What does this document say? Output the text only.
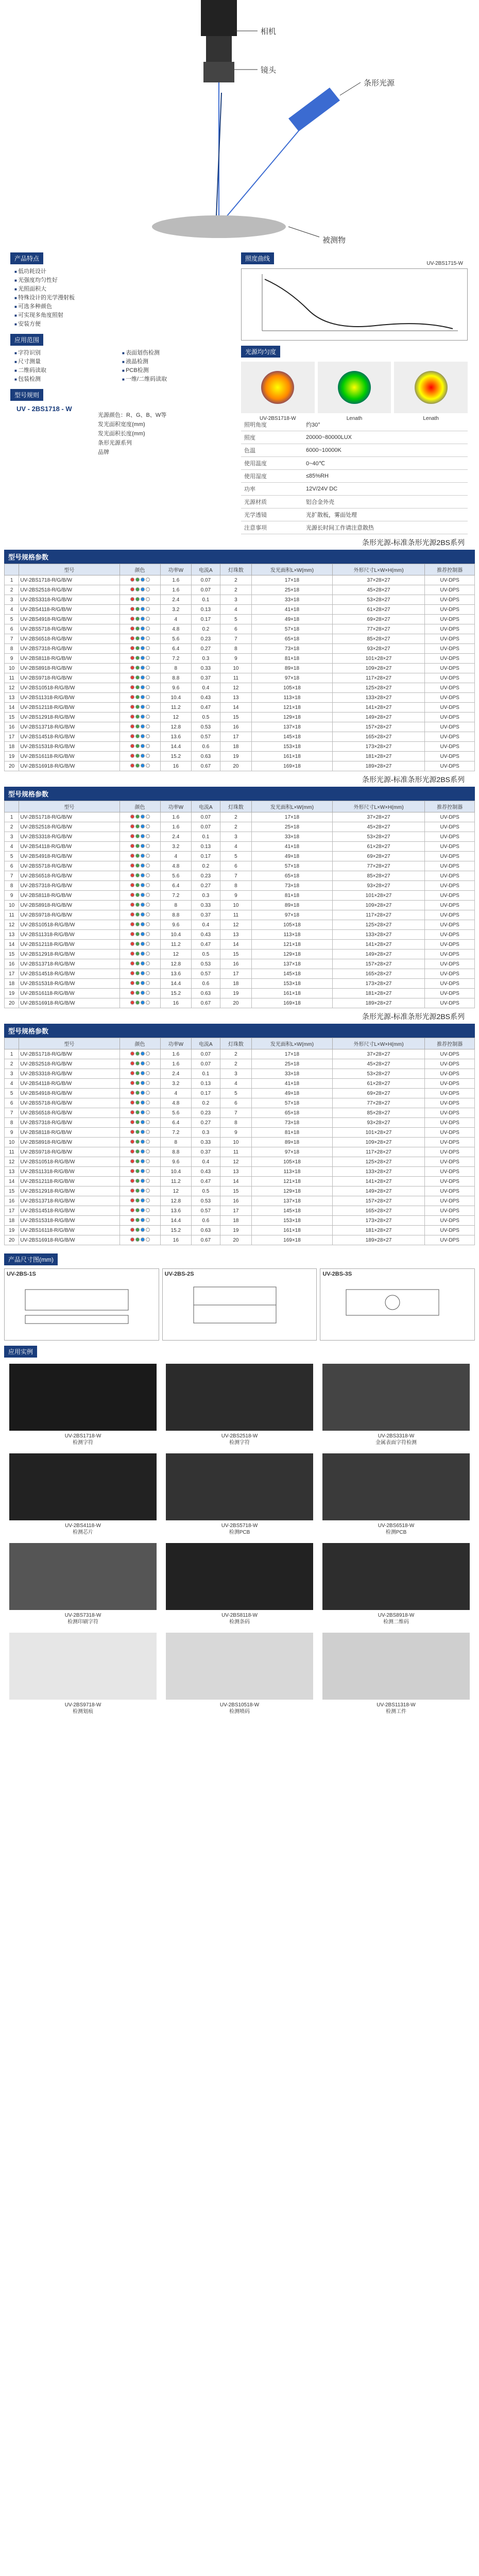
相机
镜头
条形光源
被测物
产品特点
■ 低功耗设计
■ 光强度均匀性好
■ 光照面积大
■ 特殊设计的光学漫射板
■ 可选多种颜色
■ 可实现多角度照射
■ 安装方便
应用范围
■ 字符识别	■ 表面划伤检测
■ 尺寸测量	■ 液晶检测
■ 二维码读取	■ PCB检测
■ 包装检测	■ 一维/二维码读取
型号规则
UV - 2BS1718 - W
光源颜色：R、G、B、W等
发光面积宽度(mm)
发光面积长度(mm)
条形光源系列
品牌
照度曲线
UV-2BS1715-W
光源均匀度
UV-2BS1718-W	Lenath	Lenath
照明角度	约30°
照度	20000~80000LUX
色温	6000~10000K
使用温度	0~40℃
使用湿度	≤85%RH
功率	12V/24V DC
光源材质	铝合金外壳
光学透镜	光扩散板，雾面处理
注意事项	光源长时间工作请注意散热
条形光源-标准条形光源2BS系列
型号规格参数
	型号	颜色	功率W	电流A	灯珠数	发光面积L×W(mm)	外形尺寸L×W×H(mm)	推荐控制器
1	UV-2BS1718-R/G/B/W		1.6	0.07	2	17×18	37×28×27	UV-DPS
2	UV-2BS2518-R/G/B/W		1.6	0.07	2	25×18	45×28×27	UV-DPS
3	UV-2BS3318-R/G/B/W		2.4	0.1	3	33×18	53×28×27	UV-DPS
4	UV-2BS4118-R/G/B/W		3.2	0.13	4	41×18	61×28×27	UV-DPS
5	UV-2BS4918-R/G/B/W		4	0.17	5	49×18	69×28×27	UV-DPS
6	UV-2BS5718-R/G/B/W		4.8	0.2	6	57×18	77×28×27	UV-DPS
7	UV-2BS6518-R/G/B/W		5.6	0.23	7	65×18	85×28×27	UV-DPS
8	UV-2BS7318-R/G/B/W		6.4	0.27	8	73×18	93×28×27	UV-DPS
9	UV-2BS8118-R/G/B/W		7.2	0.3	9	81×18	101×28×27	UV-DPS
10	UV-2BS8918-R/G/B/W		8	0.33	10	89×18	109×28×27	UV-DPS
11	UV-2BS9718-R/G/B/W		8.8	0.37	11	97×18	117×28×27	UV-DPS
12	UV-2BS10518-R/G/B/W		9.6	0.4	12	105×18	125×28×27	UV-DPS
13	UV-2BS11318-R/G/B/W		10.4	0.43	13	113×18	133×28×27	UV-DPS
14	UV-2BS12118-R/G/B/W		11.2	0.47	14	121×18	141×28×27	UV-DPS
15	UV-2BS12918-R/G/B/W		12	0.5	15	129×18	149×28×27	UV-DPS
16	UV-2BS13718-R/G/B/W		12.8	0.53	16	137×18	157×28×27	UV-DPS
17	UV-2BS14518-R/G/B/W		13.6	0.57	17	145×18	165×28×27	UV-DPS
18	UV-2BS15318-R/G/B/W		14.4	0.6	18	153×18	173×28×27	UV-DPS
19	UV-2BS16118-R/G/B/W		15.2	0.63	19	161×18	181×28×27	UV-DPS
20	UV-2BS16918-R/G/B/W		16	0.67	20	169×18	189×28×27	UV-DPS
条形光源-标准条形光源2BS系列
型号规格参数
	型号	颜色	功率W	电流A	灯珠数	发光面积L×W(mm)	外形尺寸L×W×H(mm)	推荐控制器
1	UV-2BS1718-R/G/B/W		1.6	0.07	2	17×18	37×28×27	UV-DPS
2	UV-2BS2518-R/G/B/W		1.6	0.07	2	25×18	45×28×27	UV-DPS
3	UV-2BS3318-R/G/B/W		2.4	0.1	3	33×18	53×28×27	UV-DPS
4	UV-2BS4118-R/G/B/W		3.2	0.13	4	41×18	61×28×27	UV-DPS
5	UV-2BS4918-R/G/B/W		4	0.17	5	49×18	69×28×27	UV-DPS
6	UV-2BS5718-R/G/B/W		4.8	0.2	6	57×18	77×28×27	UV-DPS
7	UV-2BS6518-R/G/B/W		5.6	0.23	7	65×18	85×28×27	UV-DPS
8	UV-2BS7318-R/G/B/W		6.4	0.27	8	73×18	93×28×27	UV-DPS
9	UV-2BS8118-R/G/B/W		7.2	0.3	9	81×18	101×28×27	UV-DPS
10	UV-2BS8918-R/G/B/W		8	0.33	10	89×18	109×28×27	UV-DPS
11	UV-2BS9718-R/G/B/W		8.8	0.37	11	97×18	117×28×27	UV-DPS
12	UV-2BS10518-R/G/B/W		9.6	0.4	12	105×18	125×28×27	UV-DPS
13	UV-2BS11318-R/G/B/W		10.4	0.43	13	113×18	133×28×27	UV-DPS
14	UV-2BS12118-R/G/B/W		11.2	0.47	14	121×18	141×28×27	UV-DPS
15	UV-2BS12918-R/G/B/W		12	0.5	15	129×18	149×28×27	UV-DPS
16	UV-2BS13718-R/G/B/W		12.8	0.53	16	137×18	157×28×27	UV-DPS
17	UV-2BS14518-R/G/B/W		13.6	0.57	17	145×18	165×28×27	UV-DPS
18	UV-2BS15318-R/G/B/W		14.4	0.6	18	153×18	173×28×27	UV-DPS
19	UV-2BS16118-R/G/B/W		15.2	0.63	19	161×18	181×28×27	UV-DPS
20	UV-2BS16918-R/G/B/W		16	0.67	20	169×18	189×28×27	UV-DPS
条形光源-标准条形光源2BS系列
型号规格参数
	型号	颜色	功率W	电流A	灯珠数	发光面积L×W(mm)	外形尺寸L×W×H(mm)	推荐控制器
1	UV-2BS1718-R/G/B/W		1.6	0.07	2	17×18	37×28×27	UV-DPS
2	UV-2BS2518-R/G/B/W		1.6	0.07	2	25×18	45×28×27	UV-DPS
3	UV-2BS3318-R/G/B/W		2.4	0.1	3	33×18	53×28×27	UV-DPS
4	UV-2BS4118-R/G/B/W		3.2	0.13	4	41×18	61×28×27	UV-DPS
5	UV-2BS4918-R/G/B/W		4	0.17	5	49×18	69×28×27	UV-DPS
6	UV-2BS5718-R/G/B/W		4.8	0.2	6	57×18	77×28×27	UV-DPS
7	UV-2BS6518-R/G/B/W		5.6	0.23	7	65×18	85×28×27	UV-DPS
8	UV-2BS7318-R/G/B/W		6.4	0.27	8	73×18	93×28×27	UV-DPS
9	UV-2BS8118-R/G/B/W		7.2	0.3	9	81×18	101×28×27	UV-DPS
10	UV-2BS8918-R/G/B/W		8	0.33	10	89×18	109×28×27	UV-DPS
11	UV-2BS9718-R/G/B/W		8.8	0.37	11	97×18	117×28×27	UV-DPS
12	UV-2BS10518-R/G/B/W		9.6	0.4	12	105×18	125×28×27	UV-DPS
13	UV-2BS11318-R/G/B/W		10.4	0.43	13	113×18	133×28×27	UV-DPS
14	UV-2BS12118-R/G/B/W		11.2	0.47	14	121×18	141×28×27	UV-DPS
15	UV-2BS12918-R/G/B/W		12	0.5	15	129×18	149×28×27	UV-DPS
16	UV-2BS13718-R/G/B/W		12.8	0.53	16	137×18	157×28×27	UV-DPS
17	UV-2BS14518-R/G/B/W		13.6	0.57	17	145×18	165×28×27	UV-DPS
18	UV-2BS15318-R/G/B/W		14.4	0.6	18	153×18	173×28×27	UV-DPS
19	UV-2BS16118-R/G/B/W		15.2	0.63	19	161×18	181×28×27	UV-DPS
20	UV-2BS16918-R/G/B/W		16	0.67	20	169×18	189×28×27	UV-DPS
产品尺寸图(mm)
UV-2BS-1S	UV-2BS-2S	UV-2BS-3S
应用实例
UV-2BS1718-W
检测字符
UV-2BS2518-W
检测字符
UV-2BS3318-W
金属表面字符检测
UV-2BS4118-W
检测芯片
UV-2BS5718-W
检测PCB
UV-2BS6518-W
检测PCB
UV-2BS7318-W
检测印刷字符
UV-2BS8118-W
检测条码
UV-2BS8918-W
检测二维码
UV-2BS9718-W
检测划痕
UV-2BS10518-W
检测喷码
UV-2BS11318-W
检测工件
